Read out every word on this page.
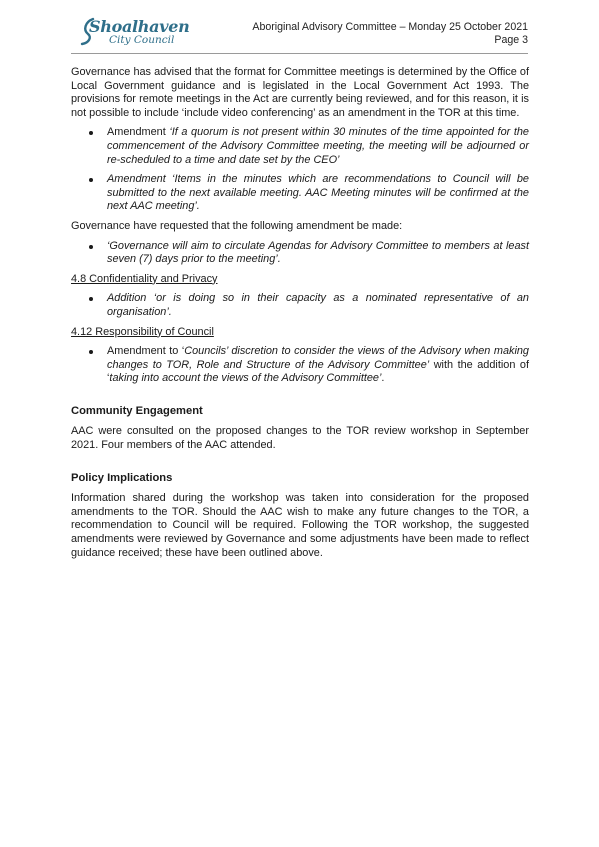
Shoalhaven
City Council
Aboriginal Advisory Committee – Monday 25 October 2021
Page 3

Governance has advised that the format for Committee meetings is determined by the Office of Local Government guidance and is legislated in the Local Government Act 1993. The provisions for remote meetings in the Act are currently being reviewed, and for this reason, it is not possible to include ‘include video conferencing’ as an amendment in the TOR at this time.

Amendment ‘If a quorum is not present within 30 minutes of the time appointed for the commencement of the Advisory Committee meeting, the meeting will be adjourned or re-scheduled to a time and date set by the CEO’
Amendment ‘Items in the minutes which are recommendations to Council will be submitted to the next available meeting. AAC Meeting minutes will be confirmed at the next AAC meeting’.

Governance have requested that the following amendment be made:

‘Governance will aim to circulate Agendas for Advisory Committee to members at least seven (7) days prior to the meeting’.

4.8 Confidentiality and Privacy

Addition ‘or is doing so in their capacity as a nominated representative of an organisation’.

4.12 Responsibility of Council

Amendment to ‘Councils’ discretion to consider the views of the Advisory when making changes to TOR, Role and Structure of the Advisory Committee’ with the addition of ‘taking into account the views of the Advisory Committee’.
Community Engagement

AAC were consulted on the proposed changes to the TOR review workshop in September 2021. Four members of the AAC attended.

Policy Implications

Information shared during the workshop was taken into consideration for the proposed amendments to the TOR. Should the AAC wish to make any future changes to the TOR, a recommendation to Council will be required. Following the TOR workshop, the suggested amendments were reviewed by Governance and some adjustments have been made to reflect guidance received; these have been outlined above.
